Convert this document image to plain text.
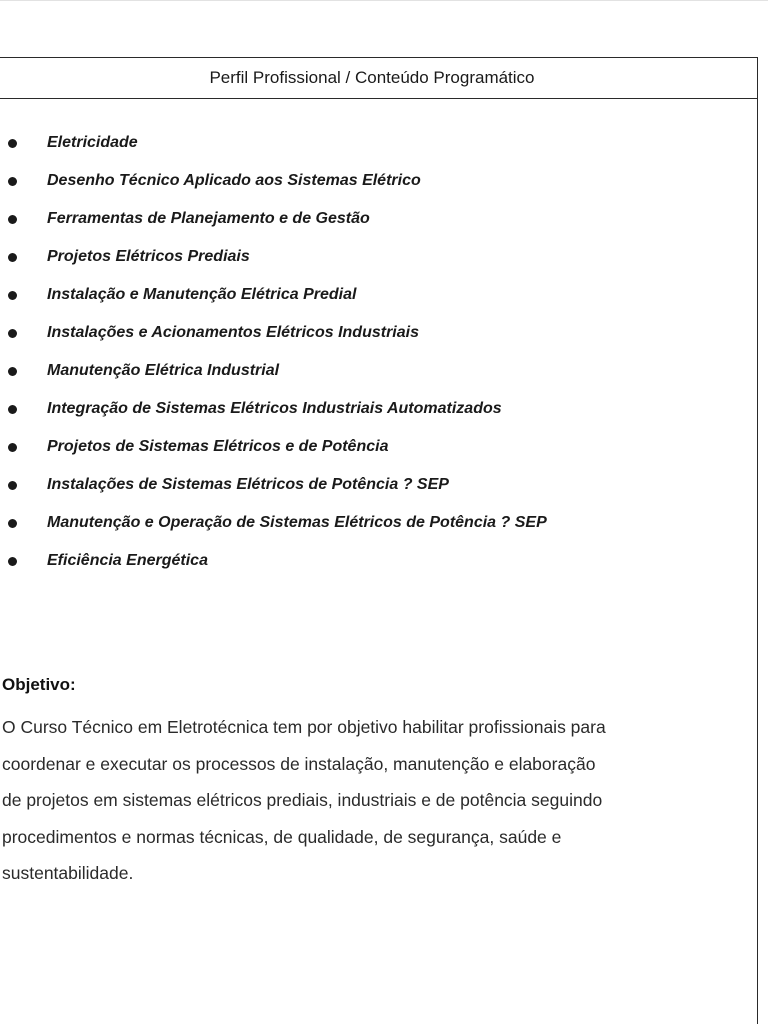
Perfil Profissional / Conteúdo Programático
Eletricidade
Desenho Técnico Aplicado aos Sistemas Elétrico
Ferramentas de Planejamento e de Gestão
Projetos Elétricos Prediais
Instalação e Manutenção Elétrica Predial
Instalações e Acionamentos Elétricos Industriais
Manutenção Elétrica Industrial
Integração de Sistemas Elétricos Industriais Automatizados
Projetos de Sistemas Elétricos e de Potência
Instalações de Sistemas Elétricos de Potência ? SEP
Manutenção e Operação de Sistemas Elétricos de Potência ? SEP
Eficiência Energética
Objetivo:
O Curso Técnico em Eletrotécnica tem por objetivo habilitar profissionais para
coordenar e executar os processos de instalação, manutenção e elaboração
de projetos em sistemas elétricos prediais, industriais e de potência seguindo
procedimentos e normas técnicas, de qualidade, de segurança, saúde e
sustentabilidade.
